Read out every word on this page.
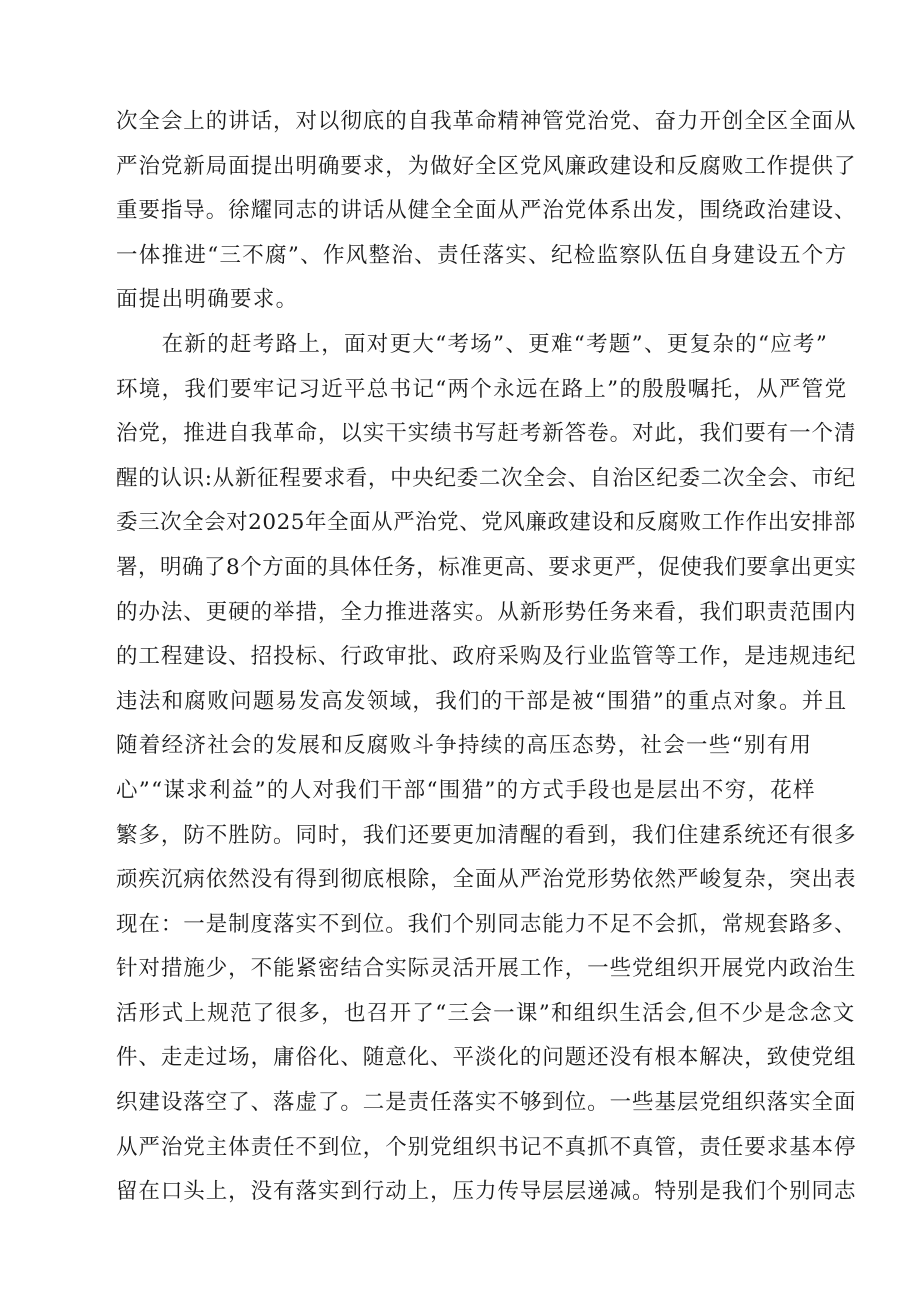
次全会上的讲话，对以彻底的自我革命精神管党治党、奋力开创全区全面从
严治党新局面提出明确要求，为做好全区党风廉政建设和反腐败工作提供了
重要指导。徐耀同志的讲话从健全全面从严治党体系出发，围绕政治建设、
一体推进“三不腐”、作风整治、责任落实、纪检监察队伍自身建设五个方
面提出明确要求。
　　在新的赶考路上，面对更大“考场”、更难“考题”、更复杂的“应考”
环境，我们要牢记习近平总书记“两个永远在路上”的殷殷嘱托，从严管党
治党，推进自我革命，以实干实绩书写赶考新答卷。对此，我们要有一个清
醒的认识:从新征程要求看，中央纪委二次全会、自治区纪委二次全会、市纪
委三次全会对2025年全面从严治党、党风廉政建设和反腐败工作作出安排部
署，明确了8个方面的具体任务，标准更高、要求更严，促使我们要拿出更实
的办法、更硬的举措，全力推进落实。从新形势任务来看，我们职责范围内
的工程建设、招投标、行政审批、政府采购及行业监管等工作，是违规违纪
违法和腐败问题易发高发领域，我们的干部是被“围猎”的重点对象。并且
随着经济社会的发展和反腐败斗争持续的高压态势，社会一些“别有用
心”“谋求利益”的人对我们干部“围猎”的方式手段也是层出不穷，花样
繁多，防不胜防。同时，我们还要更加清醒的看到，我们住建系统还有很多
顽疾沉病依然没有得到彻底根除，全面从严治党形势依然严峻复杂，突出表
现在：一是制度落实不到位。我们个别同志能力不足不会抓，常规套路多、
针对措施少，不能紧密结合实际灵活开展工作，一些党组织开展党内政治生
活形式上规范了很多，也召开了“三会一课”和组织生活会,但不少是念念文
件、走走过场，庸俗化、随意化、平淡化的问题还没有根本解决，致使党组
织建设落空了、落虚了。二是责任落实不够到位。一些基层党组织落实全面
从严治党主体责任不到位，个别党组织书记不真抓不真管，责任要求基本停
留在口头上，没有落实到行动上，压力传导层层递减。特别是我们个别同志
